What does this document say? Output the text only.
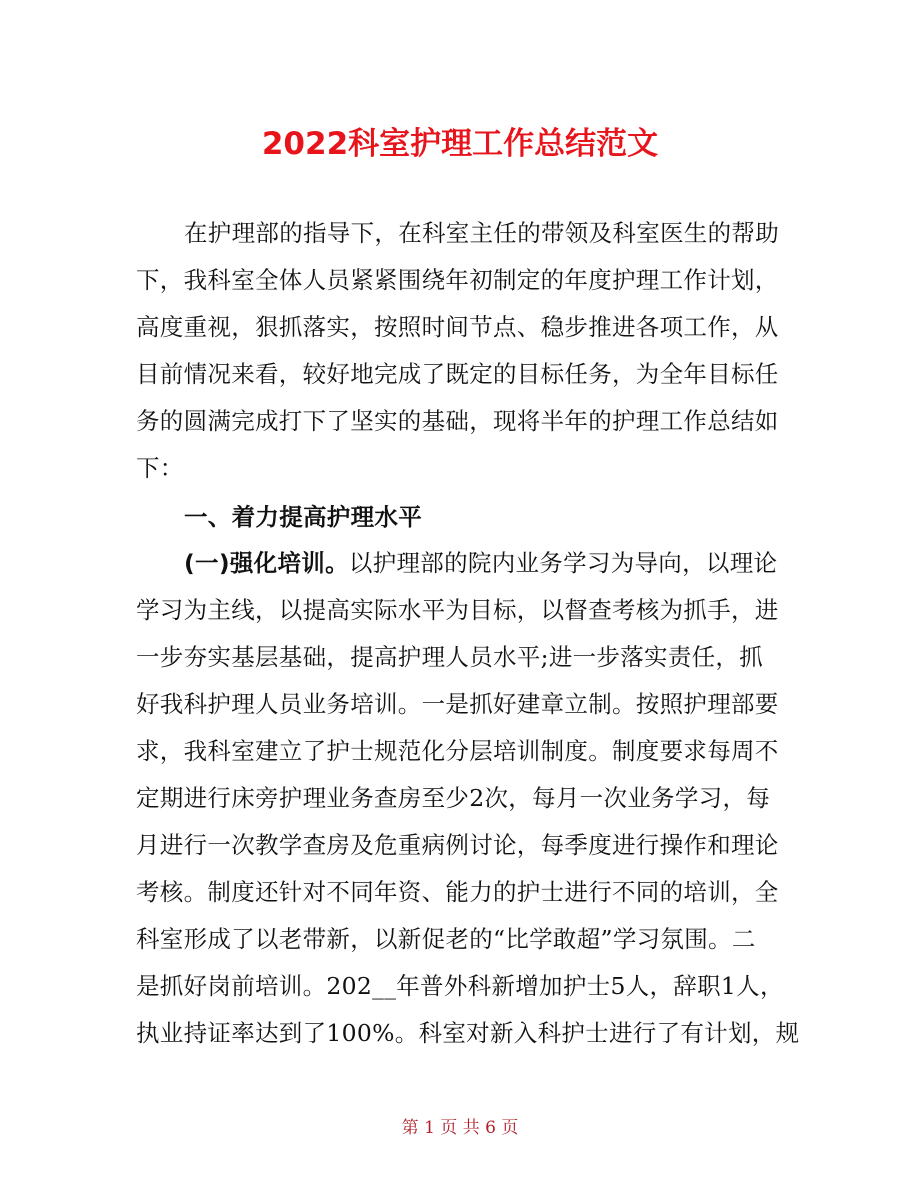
2022科室护理工作总结范文
在护理部的指导下，在科室主任的带领及科室医生的帮助
下，我科室全体人员紧紧围绕年初制定的年度护理工作计划，
高度重视，狠抓落实，按照时间节点、稳步推进各项工作，从
目前情况来看，较好地完成了既定的目标任务，为全年目标任
务的圆满完成打下了坚实的基础，现将半年的护理工作总结如
下：
一、着力提高护理水平
(一)强化培训。以护理部的院内业务学习为导向，以理论
学习为主线，以提高实际水平为目标，以督查考核为抓手，进
一步夯实基层基础，提高护理人员水平;进一步落实责任，抓
好我科护理人员业务培训。一是抓好建章立制。按照护理部要
求，我科室建立了护士规范化分层培训制度。制度要求每周不
定期进行床旁护理业务查房至少2次，每月一次业务学习，每
月进行一次教学查房及危重病例讨论，每季度进行操作和理论
考核。制度还针对不同年资、能力的护士进行不同的培训，全
科室形成了以老带新，以新促老的“比学敢超”学习氛围。二
是抓好岗前培训。202__年普外科新增加护士5人，辞职1人，
执业持证率达到了100%。科室对新入科护士进行了有计划，规
第 1 页 共 6 页
